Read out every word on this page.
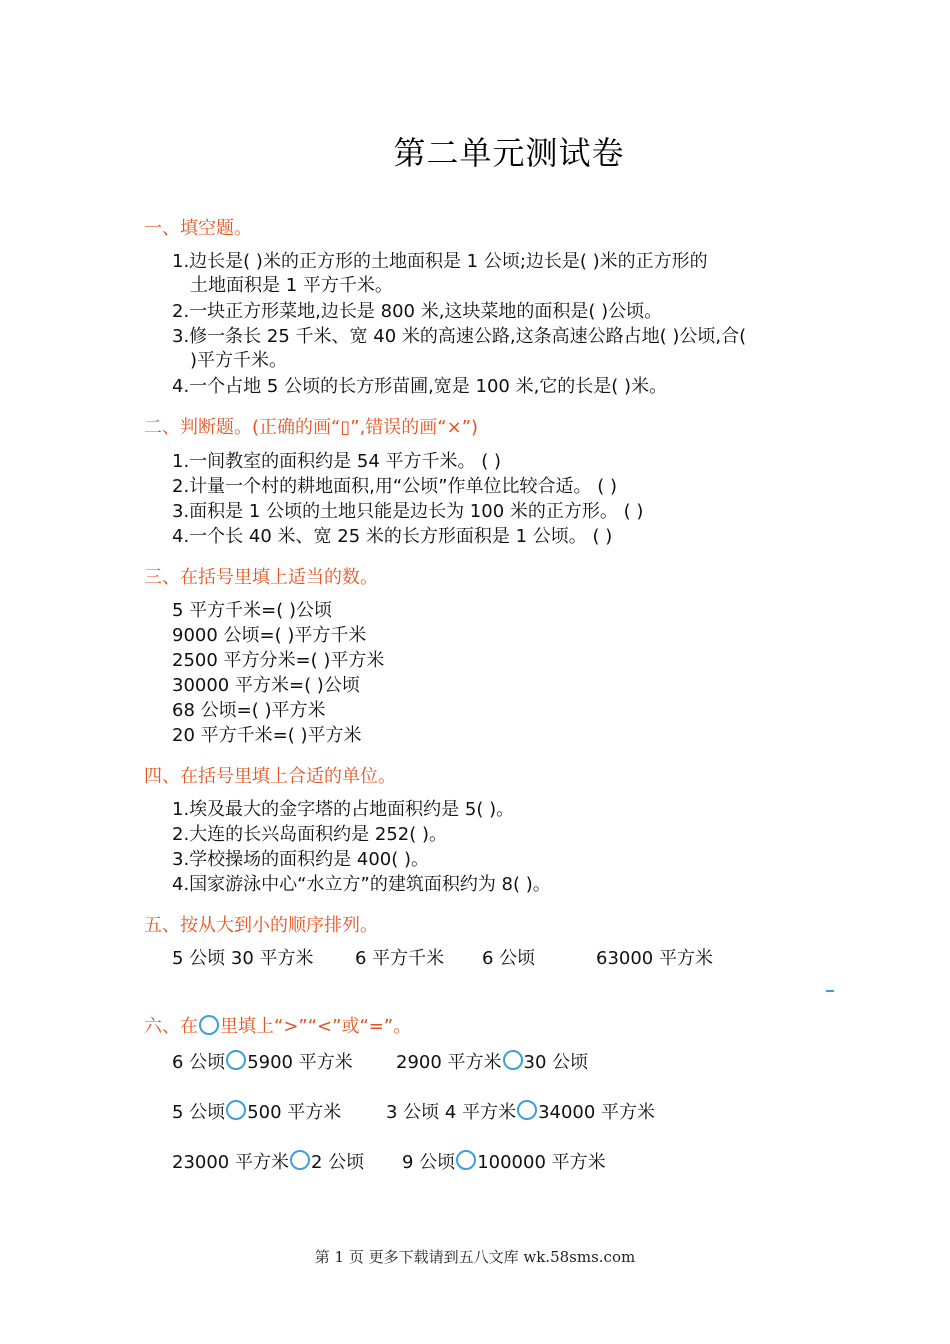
第二单元测试卷
一、填空题。
1.边长是( )米的正方形的土地面积是 1 公顷;边长是( )米的正方形的
土地面积是 1 平方千米。
2.一块正方形菜地,边长是 800 米,这块菜地的面积是( )公顷。
3.修一条长 25 千米、宽 40 米的高速公路,这条高速公路占地( )公顷,合(
)平方千米。
4.一个占地 5 公顷的长方形苗圃,宽是 100 米,它的长是( )米。
二、判断题。(正确的画“▯”,错误的画“×”)
1.一间教室的面积约是 54 平方千米。 ( )
2.计量一个村的耕地面积,用“公顷”作单位比较合适。 ( )
3.面积是 1 公顷的土地只能是边长为 100 米的正方形。 ( )
4.一个长 40 米、宽 25 米的长方形面积是 1 公顷。 ( )
三、在括号里填上适当的数。
5 平方千米=( )公顷
9000 公顷=( )平方千米
2500 平方分米=( )平方米
30000 平方米=( )公顷
68 公顷=( )平方米
20 平方千米=( )平方米
四、在括号里填上合适的单位。
1.埃及最大的金字塔的占地面积约是 5( )。
2.大连的长兴岛面积约是 252( )。
3.学校操场的面积约是 400( )。
4.国家游泳中心“水立方”的建筑面积约为 8( )。
五、按从大到小的顺序排列。
5 公顷 30 平方米 6 平方千米 6 公顷	63000 平方米
六、在 里填上“>”“<”或“=”。
6 公顷 5900 平方米 2900 平方米 30 公顷
5 公顷 500 平方米 3 公顷 4 平方米 34000 平方米
23000 平方米 2 公顷 9 公顷 100000 平方米
第 1 页 更多下载请到五八文库 wk.58sms.com
